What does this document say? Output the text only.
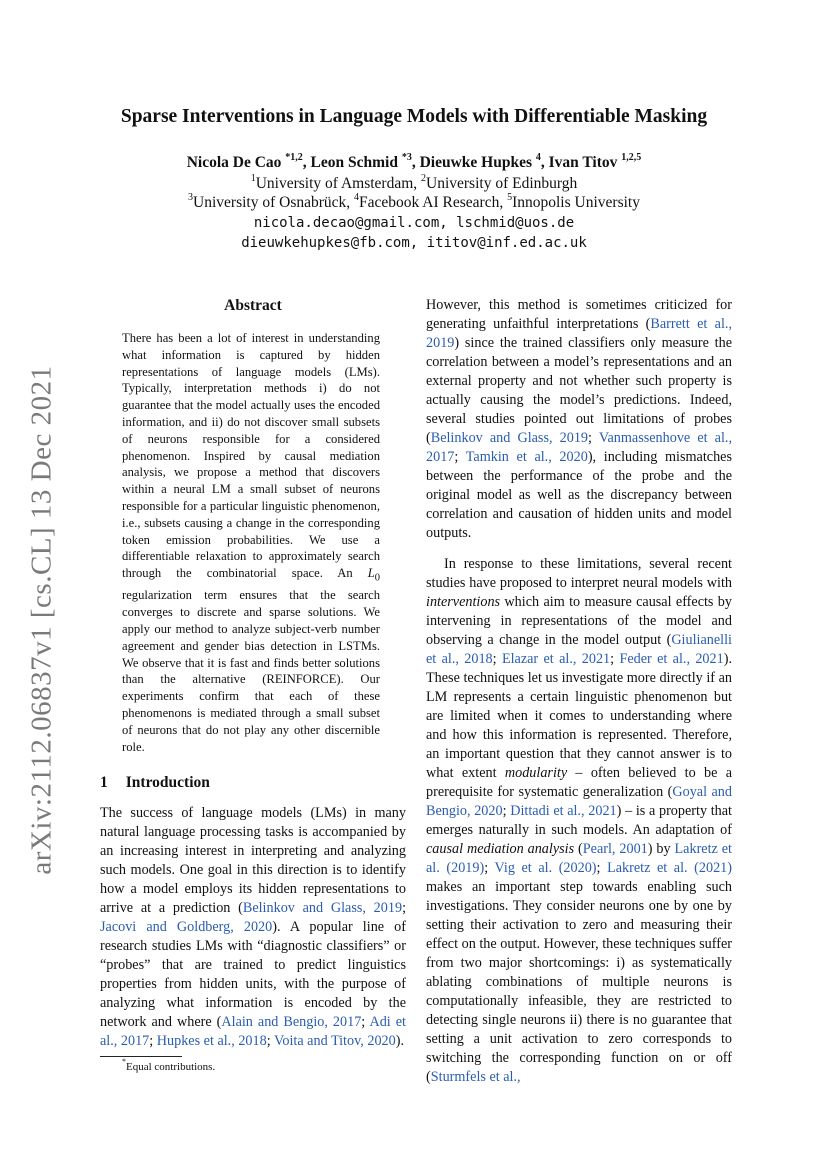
arXiv:2112.06837v1 [cs.CL] 13 Dec 2021
Sparse Interventions in Language Models with Differentiable Masking
Nicola De Cao $^{*1,2}$, Leon Schmid $^{*3}$, Dieuwke Hupkes $^4$, Ivan Titov $^{1,2,5}$
$^1$University of Amsterdam, $^2$University of Edinburgh
$^3$University of Osnabrück, $^4$Facebook AI Research, $^5$Innopolis University
nicola.decao@gmail.com, lschmid@uos.de
dieuwkehupkes@fb.com, ititov@inf.ed.ac.uk
Abstract
There has been a lot of interest in understanding what information is captured by hidden representations of language models (LMs). Typically, interpretation methods i) do not guarantee that the model actually uses the encoded information, and ii) do not discover small subsets of neurons responsible for a considered phenomenon. Inspired by causal mediation analysis, we propose a method that discovers within a neural LM a small subset of neurons responsible for a particular linguistic phenomenon, i.e., subsets causing a change in the corresponding token emission probabilities. We use a differentiable relaxation to approximately search through the combinatorial space. An $L_0$ regularization term ensures that the search converges to discrete and sparse solutions. We apply our method to analyze subject-verb number agreement and gender bias detection in LSTMs. We observe that it is fast and finds better solutions than the alternative (REINFORCE). Our experiments confirm that each of these phenomenons is mediated through a small subset of neurons that do not play any other discernible role.
1 Introduction

The success of language models (LMs) in many natural language processing tasks is accompanied by an increasing interest in interpreting and analyzing such models. One goal in this direction is to identify how a model employs its hidden representations to arrive at a prediction (Belinkov and Glass, 2019; Jacovi and Goldberg, 2020). A popular line of research studies LMs with “diagnostic classifiers” or “probes” that are trained to predict linguistics properties from hidden units, with the purpose of analyzing what information is encoded by the network and where (Alain and Bengio, 2017; Adi et al., 2017; Hupkes et al., 2018; Voita and Titov, 2020).

However, this method is sometimes criticized for generating unfaithful interpretations (Barrett et al., 2019) since the trained classifiers only measure the correlation between a model’s representations and an external property and not whether such property is actually causing the model’s predictions. Indeed, several studies pointed out limitations of probes (Belinkov and Glass, 2019; Vanmassenhove et al., 2017; Tamkin et al., 2020), including mismatches between the performance of the probe and the original model as well as the discrepancy between correlation and causation of hidden units and model outputs.

In response to these limitations, several recent studies have proposed to interpret neural models with interventions which aim to measure causal effects by intervening in representations of the model and observing a change in the model output (Giulianelli et al., 2018; Elazar et al., 2021; Feder et al., 2021). These techniques let us investigate more directly if an LM represents a certain linguistic phenomenon but are limited when it comes to understanding where and how this information is represented. Therefore, an important question that they cannot answer is to what extent modularity – often believed to be a prerequisite for systematic generalization (Goyal and Bengio, 2020; Dittadi et al., 2021) – is a property that emerges naturally in such models. An adaptation of causal mediation analysis (Pearl, 2001) by Lakretz et al. (2019); Vig et al. (2020); Lakretz et al. (2021) makes an important step towards enabling such investigations. They consider neurons one by one by setting their activation to zero and measuring their effect on the output. However, these techniques suffer from two major shortcomings: i) as systematically ablating combinations of multiple neurons is computationally infeasible, they are restricted to detecting single neurons ii) there is no guarantee that setting a unit activation to zero corresponds to switching the corresponding function on or off (Sturmfels et al.,

*Equal contributions.
